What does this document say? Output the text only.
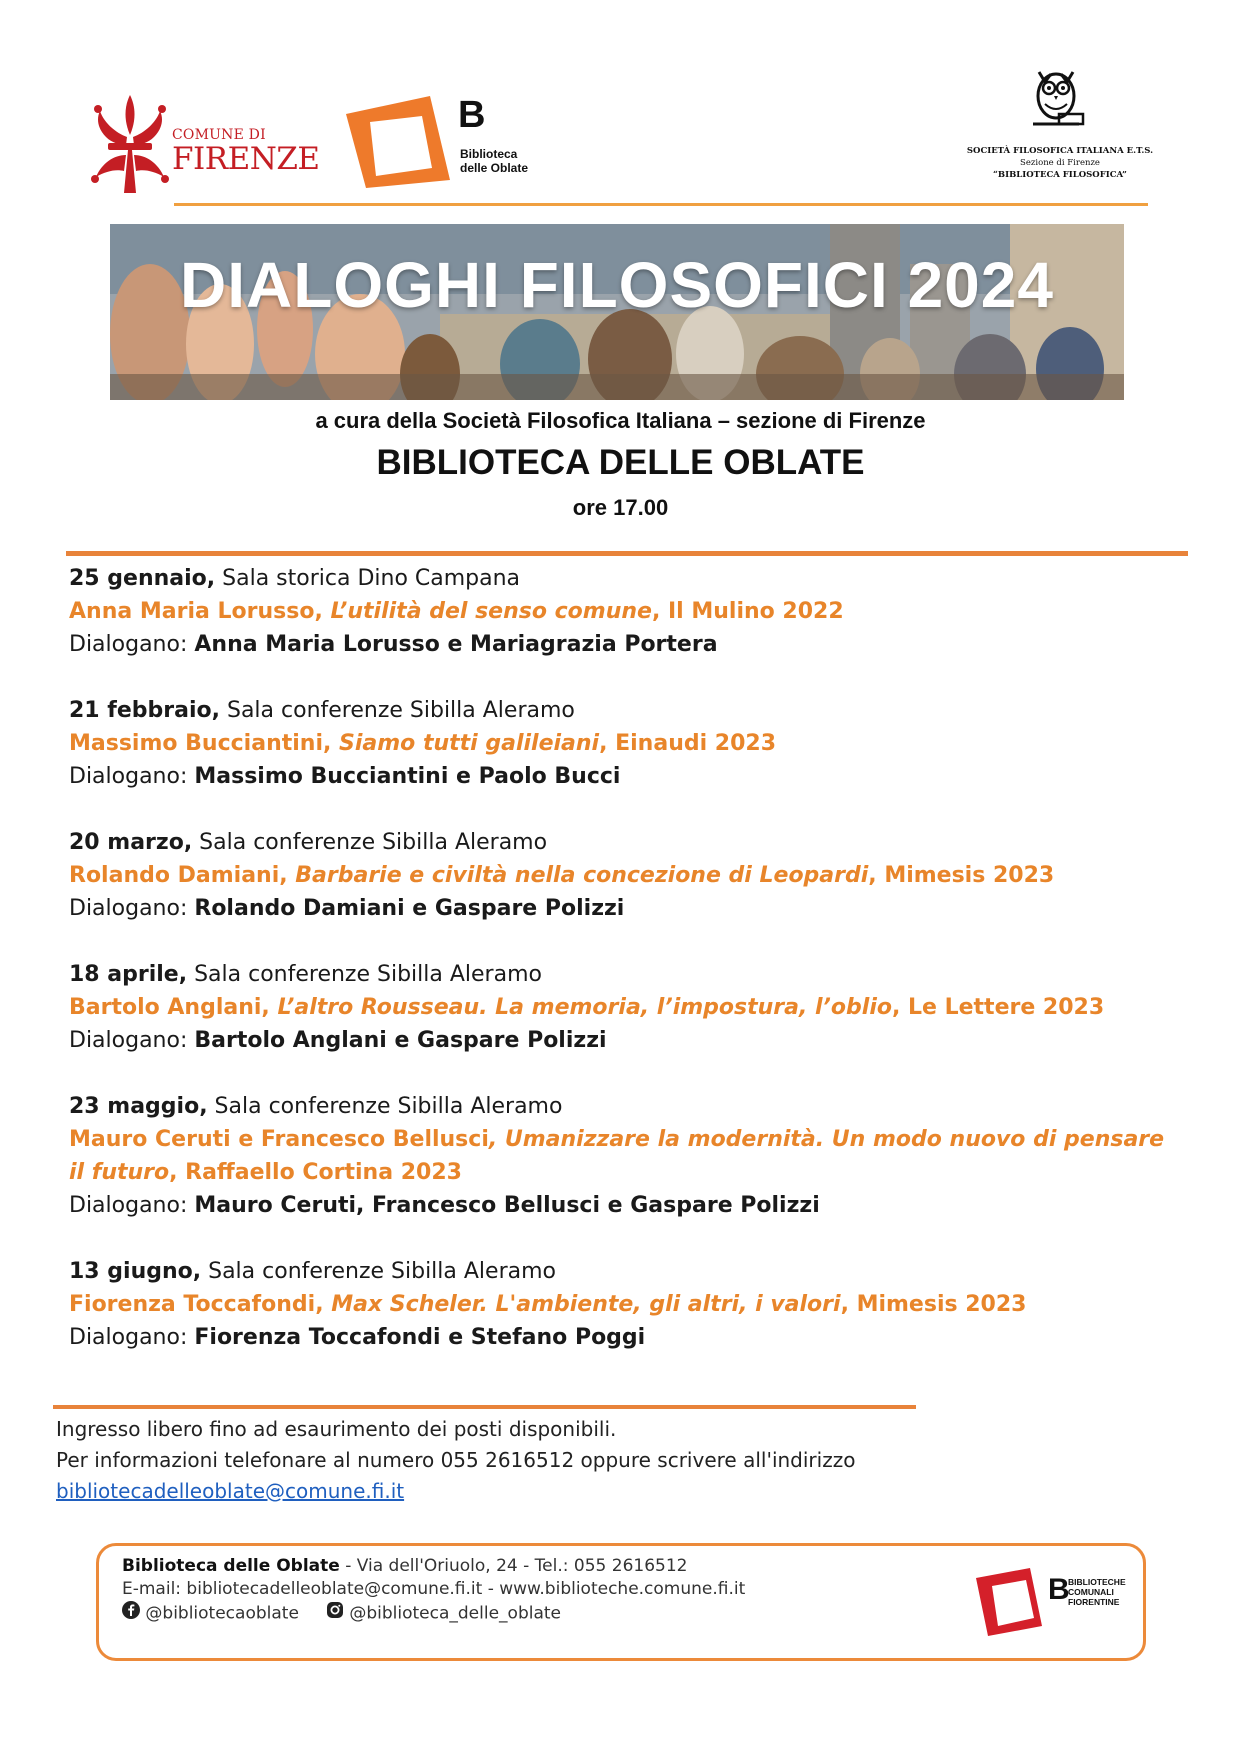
COMUNE DI
FIRENZE
B
Biblioteca
delle Oblate
SOCIETÀ FILOSOFICA ITALIANA E.T.S.
Sezione di Firenze
“BIBLIOTECA FILOSOFICA”
DIALOGHI FILOSOFICI 2024
a cura della Società Filosofica Italiana – sezione di Firenze
BIBLIOTECA DELLE OBLATE
ore 17.00
25 gennaio, Sala storica Dino Campana
Anna Maria Lorusso, L’utilità del senso comune, Il Mulino 2022
Dialogano: Anna Maria Lorusso e Mariagrazia Portera
21 febbraio, Sala conferenze Sibilla Aleramo
Massimo Bucciantini, Siamo tutti galileiani, Einaudi 2023
Dialogano: Massimo Bucciantini e Paolo Bucci
20 marzo, Sala conferenze Sibilla Aleramo
Rolando Damiani, Barbarie e civiltà nella concezione di Leopardi, Mimesis 2023
Dialogano: Rolando Damiani e Gaspare Polizzi
18 aprile, Sala conferenze Sibilla Aleramo
Bartolo Anglani, L’altro Rousseau. La memoria, l’impostura, l’oblio, Le Lettere 2023
Dialogano: Bartolo Anglani e Gaspare Polizzi
23 maggio, Sala conferenze Sibilla Aleramo
Mauro Ceruti e Francesco Bellusci, Umanizzare la modernità. Un modo nuovo di pensare il futuro, Raffaello Cortina 2023
Dialogano: Mauro Ceruti, Francesco Bellusci e Gaspare Polizzi
13 giugno, Sala conferenze Sibilla Aleramo
Fiorenza Toccafondi, Max Scheler. L'ambiente, gli altri, i valori, Mimesis 2023
Dialogano: Fiorenza Toccafondi e Stefano Poggi
Ingresso libero fino ad esaurimento dei posti disponibili.
Per informazioni telefonare al numero 055 2616512 oppure scrivere all'indirizzo
bibliotecadelleoblate@comune.fi.it
Biblioteca delle Oblate - Via dell'Oriuolo, 24 - Tel.: 055 2616512
E-mail: bibliotecadelleoblate@comune.fi.it - www.biblioteche.comune.fi.it
@bibliotecaoblate	@biblioteca_delle_oblate
B
BIBLIOTECHE
COMUNALI
FIORENTINE
